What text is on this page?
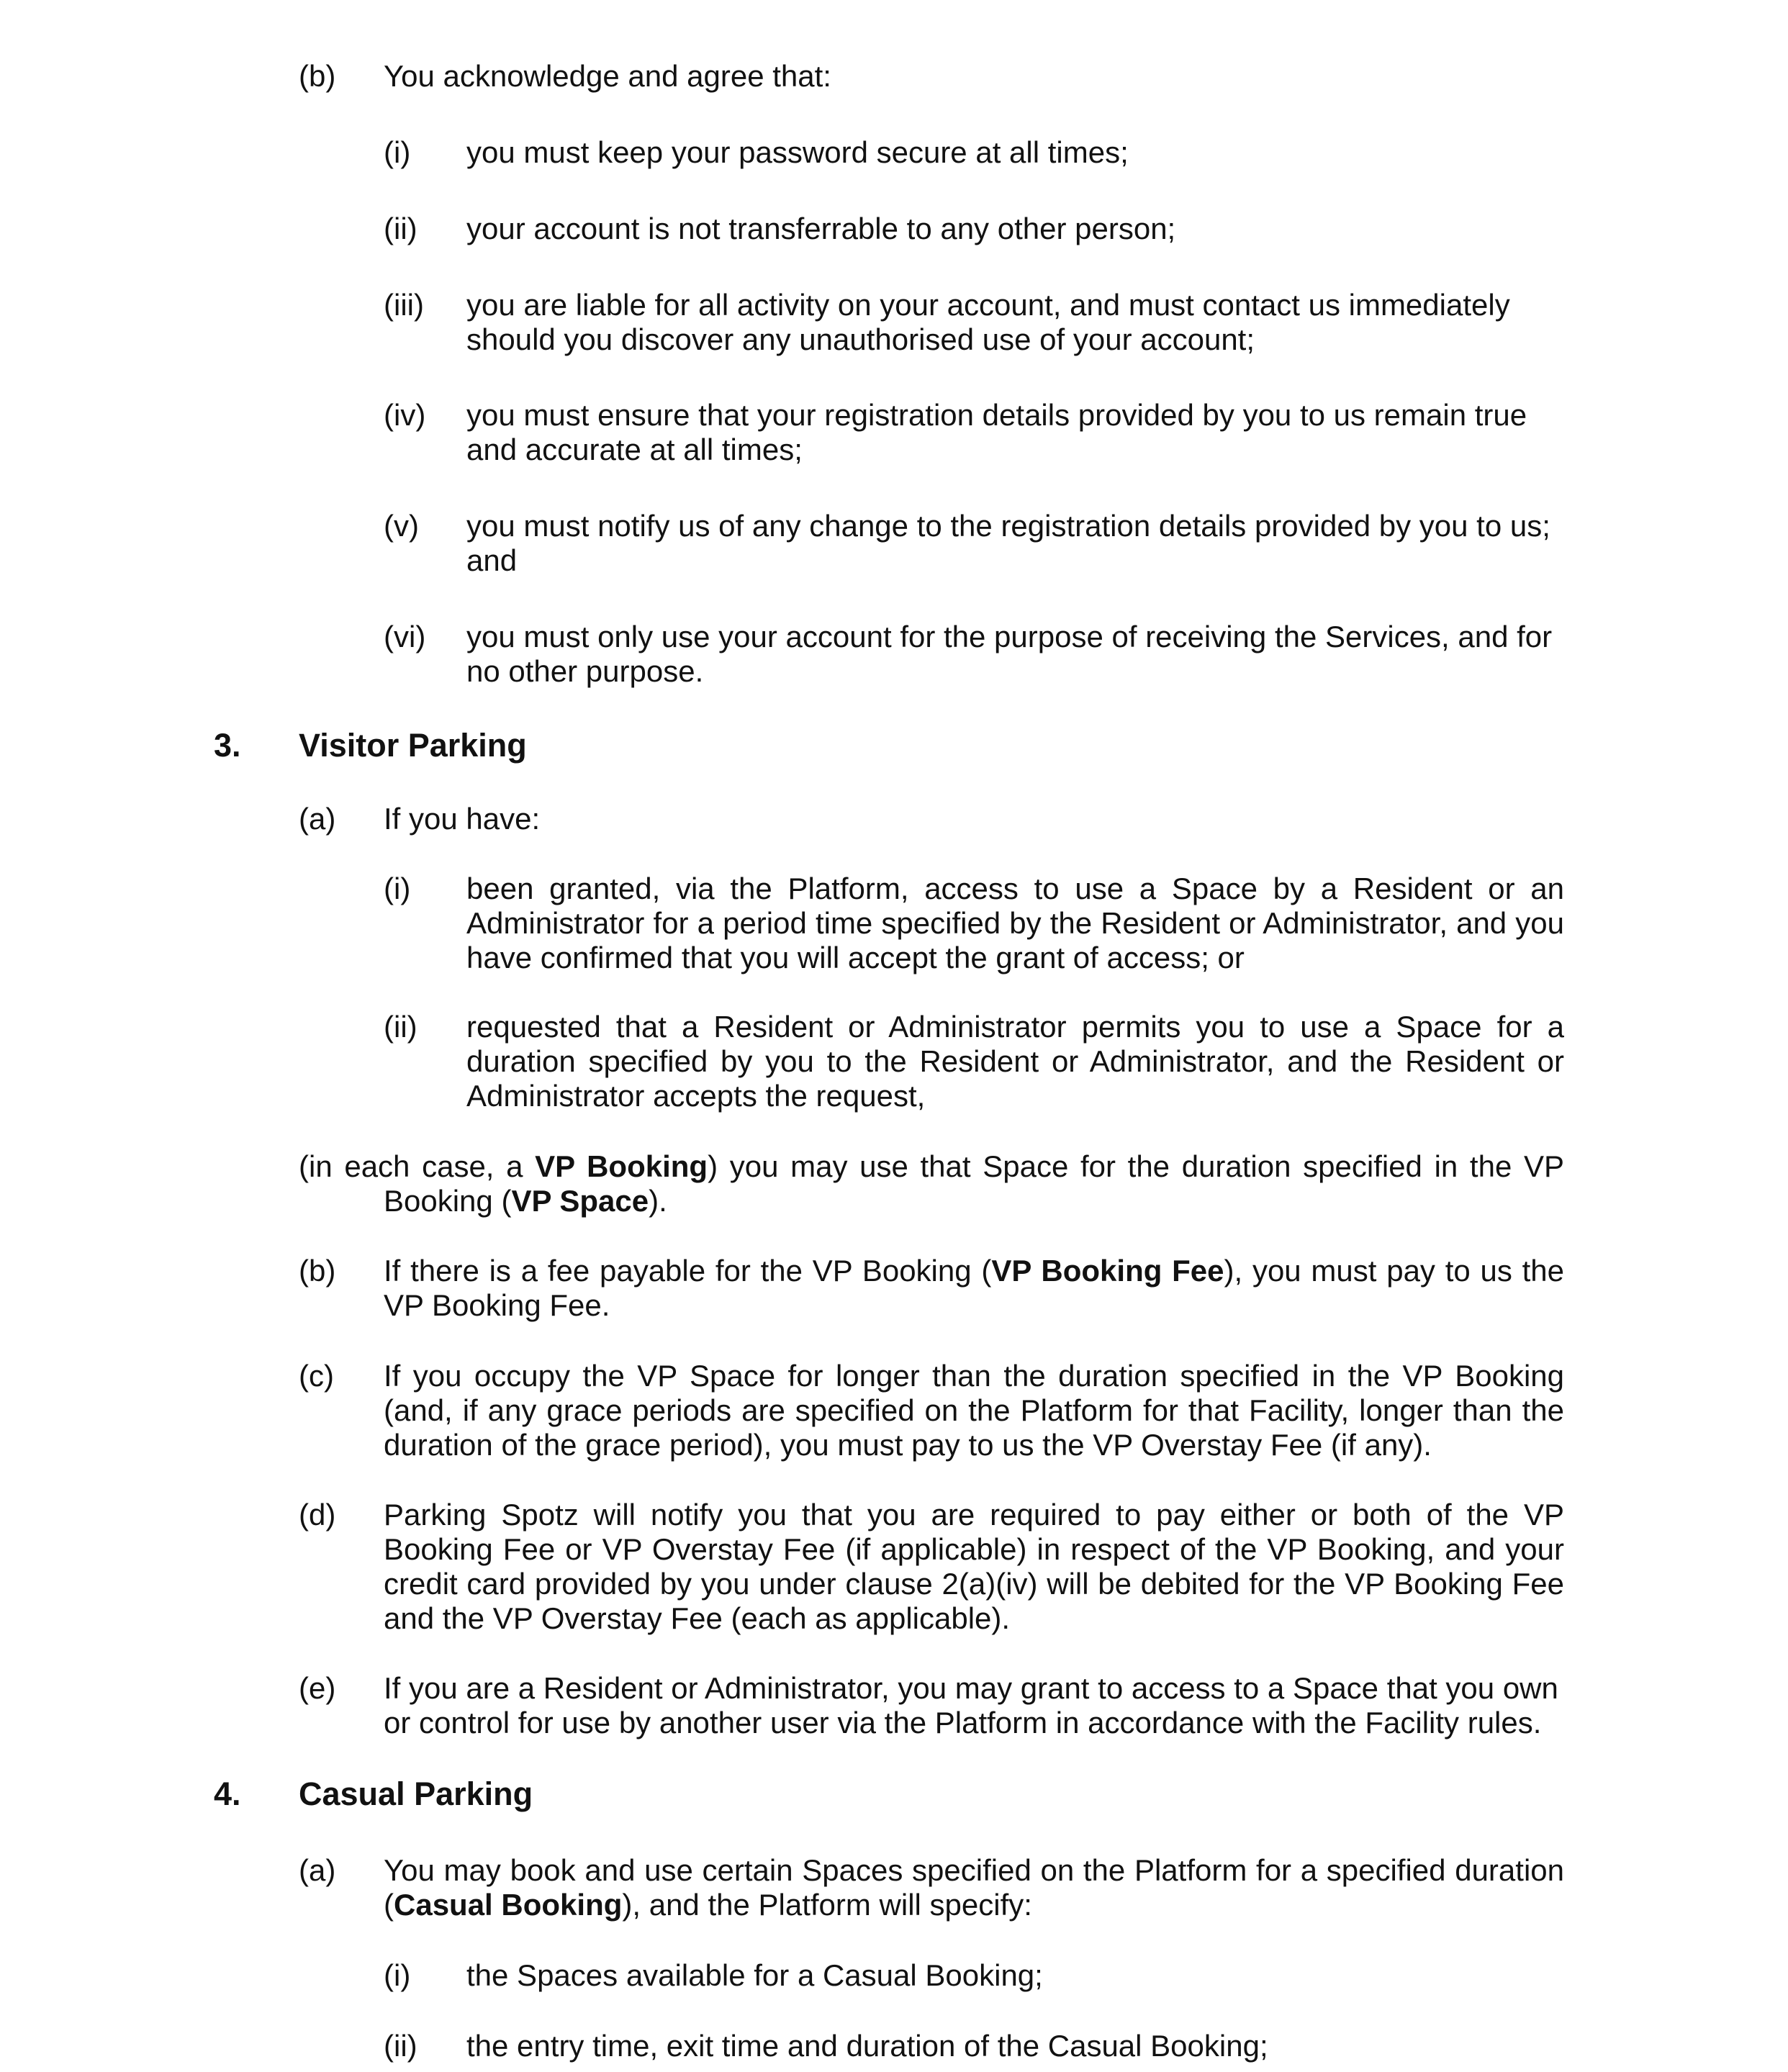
(b) You acknowledge and agree that:
(i) you must keep your password secure at all times;
(ii) your account is not transferrable to any other person;
(iii) you are liable for all activity on your account, and must contact us immediately should you discover any unauthorised use of your account;
(iv) you must ensure that your registration details provided by you to us remain true and accurate at all times;
(v) you must notify us of any change to the registration details provided by you to us; and
(vi) you must only use your account for the purpose of receiving the Services, and for no other purpose.
3. Visitor Parking
(a) If you have:
(i) been granted, via the Platform, access to use a Space by a Resident or an Administrator for a period time specified by the Resident or Administrator, and you have confirmed that you will accept the grant of access; or
(ii) requested that a Resident or Administrator permits you to use a Space for a duration specified by you to the Resident or Administrator, and the Resident or Administrator accepts the request,
(in each case, a VP Booking) you may use that Space for the duration specified in the VP
Booking (VP Space).
(b) If there is a fee payable for the VP Booking (VP Booking Fee), you must pay to us the VP Booking Fee.
(c) If you occupy the VP Space for longer than the duration specified in the VP Booking (and, if any grace periods are specified on the Platform for that Facility, longer than the duration of the grace period), you must pay to us the VP Overstay Fee (if any).
(d) Parking Spotz will notify you that you are required to pay either or both of the VP Booking Fee or VP Overstay Fee (if applicable) in respect of the VP Booking, and your credit card provided by you under clause 2(a)(iv) will be debited for the VP Booking Fee and the VP Overstay Fee (each as applicable).
(e) If you are a Resident or Administrator, you may grant to access to a Space that you own or control for use by another user via the Platform in accordance with the Facility rules.
4. Casual Parking
(a) You may book and use certain Spaces specified on the Platform for a specified duration (Casual Booking), and the Platform will specify:
(i) the Spaces available for a Casual Booking;
(ii) the entry time, exit time and duration of the Casual Booking;
